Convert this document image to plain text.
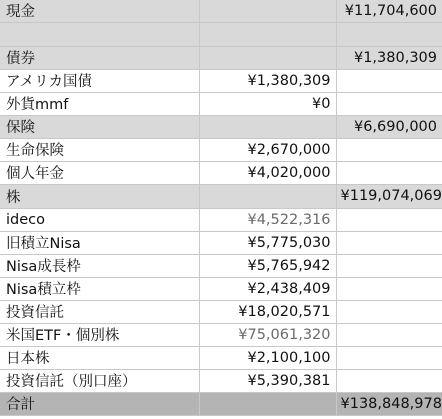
現金		¥11,704,600

債券		¥1,380,309
アメリカ国債	¥1,380,309	
外貨mmf	¥0	
保険		¥6,690,000
生命保険	¥2,670,000	
個人年金	¥4,020,000	
株		¥119,074,069
ideco	¥4,522,316	
旧積立Nisa	¥5,775,030	
Nisa成長枠	¥5,765,942	
Nisa積立枠	¥2,438,409	
投資信託	¥18,020,571	
米国ETF・個別株	¥75,061,320	
日本株	¥2,100,100	
投資信託（別口座）	¥5,390,381	
合計		¥138,848,978
